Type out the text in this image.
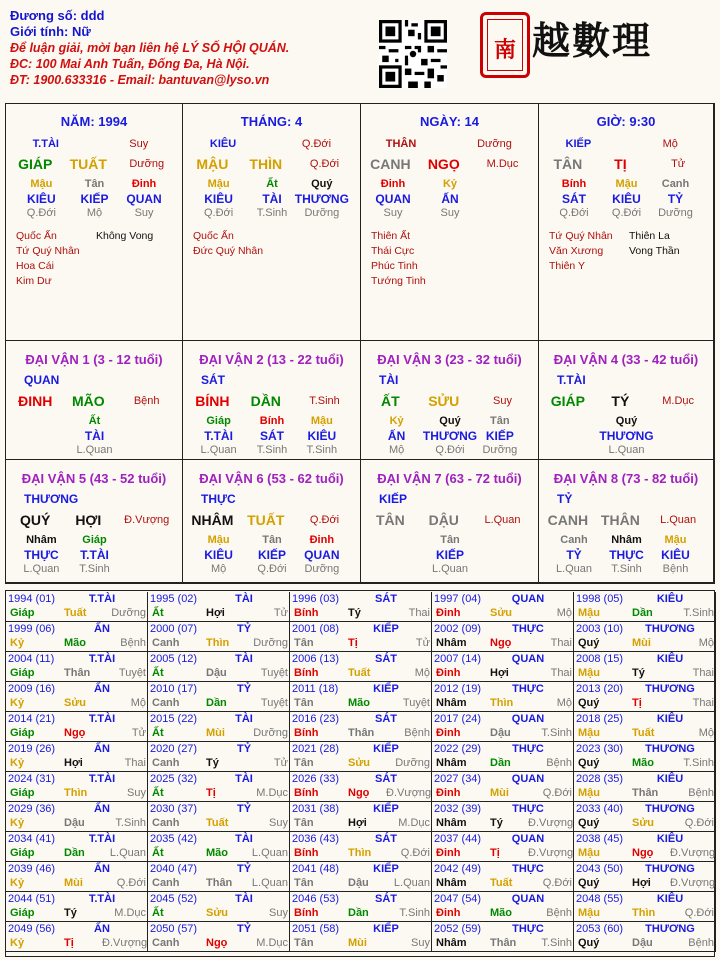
Đương số: ddd
Giới tính: Nữ
Để luận giải, mời bạn liên hệ LÝ SỐ HỘI QUÁN.
ĐC: 100 Mai Anh Tuấn, Đống Đa, Hà Nội.
ĐT: 1900.633316 - Email: bantuvan@lyso.vn
南 越數理
NĂM: 1994
T.TÀI	Suy
GIÁP	TUẤT	Dưỡng
Mậu
KIÊU
Q.Đới
Tân
KIẾP
Mộ
Đinh
QUAN
Suy
Quốc Ấn
Tứ Quý Nhân
Hoa Cái
Kim Dư
Không Vong
THÁNG: 4
KIÊU	Q.Đới
MẬU	THÌN	Q.Đới
Mậu
KIÊU
Q.Đới
Ất
TÀI
T.Sinh
Quý
THƯƠNG
Dưỡng
Quốc Ấn
Đức Quý Nhân
NGÀY: 14
THÂN	Dưỡng
CANH	NGỌ	M.Dục
Đinh
QUAN
Suy
Kỷ
ẤN
Suy
Thiên Ất
Thái Cực
Phúc Tinh
Tướng Tinh
GIỜ: 9:30
KIẾP	Mộ
TÂN	TỊ	Tử
Bính
SÁT
Q.Đới
Mậu
KIÊU
Q.Đới
Canh
TỶ
Dưỡng
Tứ Quý Nhân
Văn Xương
Thiên Y
Thiên La
Vong Thần
ĐẠI VẬN 1 (3 - 12 tuổi)
QUAN
ĐINH	MÃO	Bệnh
Ất
TÀI
L.Quan
ĐẠI VẬN 2 (13 - 22 tuổi)
SÁT
BÍNH	DẦN	T.Sinh
Giáp
T.TÀI
L.Quan
Bính
SÁT
T.Sinh
Mậu
KIÊU
T.Sinh
ĐẠI VẬN 3 (23 - 32 tuổi)
TÀI
ẤT	SỬU	Suy
Kỷ
ẤN
Mộ
Quý
THƯƠNG
Q.Đới
Tân
KIẾP
Dưỡng
ĐẠI VẬN 4 (33 - 42 tuổi)
T.TÀI
GIÁP	TÝ	M.Dục
Quý
THƯƠNG
L.Quan
ĐẠI VẬN 5 (43 - 52 tuổi)
THƯƠNG
QUÝ	HỢI	Đ.Vượng
Nhâm
THỰC
L.Quan
Giáp
T.TÀI
T.Sinh
ĐẠI VẬN 6 (53 - 62 tuổi)
THỰC
NHÂM TUẤT	Q.Đới
Mậu
KIÊU
Mộ
Tân
KIẾP
Q.Đới
Đinh
QUAN
Dưỡng
ĐẠI VẬN 7 (63 - 72 tuổi)
KIẾP
TÂN	DẬU	L.Quan
Tân
KIẾP
L.Quan
ĐẠI VẬN 8 (73 - 82 tuổi)
TỶ
CANH THÂN	L.Quan
Canh
TỶ
L.Quan
Nhâm
THỰC
T.Sinh
Mậu
KIÊU
Bệnh
1994 (01)	T.TÀI
Giáp	Tuất	Dưỡng
1995 (02)	TÀI
Ất	Hợi	Tử
1996 (03)	SÁT
Bính	Tý	Thai
1997 (04)	QUAN
Đinh	Sửu	Mộ
1998 (05)	KIÊU
Mậu	Dần	T.Sinh
1999 (06)	ẤN
Kỷ	Mão	Bệnh
2000 (07)	TỶ
Canh Thìn	Dưỡng
2001 (08)	KIẾP
Tân	Tị	Tử
2002 (09)	THỰC
Nhâm Ngọ	Thai
2003 (10) THƯƠNG
Quý	Mùi	Mộ
2004 (11)	T.TÀI
Giáp	Thân	Tuyệt
2005 (12)	TÀI
Ất	Dậu	Tuyệt
2006 (13)	SÁT
Bính	Tuất	Mộ
2007 (14)	QUAN
Đinh	Hợi	Thai
2008 (15)	KIÊU
Mậu	Tý	Thai
2009 (16)	ẤN
Kỷ	Sửu	Mộ
2010 (17)	TỶ
Canh Dần	Tuyệt
2011 (18)	KIẾP
Tân	Mão	Tuyệt
2012 (19)	THỰC
Nhâm Thìn	Mộ
2013 (20) THƯƠNG
Quý	Tị	Thai
2014 (21)	T.TÀI
Giáp	Ngọ	Tử
2015 (22)	TÀI
Ất	Mùi	Dưỡng
2016 (23)	SÁT
Bính	Thân	Bệnh
2017 (24)	QUAN
Đinh	Dậu	T.Sinh
2018 (25)	KIÊU
Mậu	Tuất	Mộ
2019 (26)	ẤN
Kỷ	Hợi	Thai
2020 (27)	TỶ
Canh Tý	Tử
2021 (28)	KIẾP
Tân	Sửu	Dưỡng
2022 (29)	THỰC
Nhâm Dần	Bệnh
2023 (30) THƯƠNG
Quý	Mão	T.Sinh
2024 (31)	T.TÀI
Giáp	Thìn	Suy
2025 (32)	TÀI
Ất	Tị	M.Dục
2026 (33)	SÁT
Bính	Ngọ Đ.Vượng
2027 (34)	QUAN
Đinh	Mùi	Q.Đới
2028 (35)	KIÊU
Mậu	Thân	Bệnh
2029 (36)	ẤN
Kỷ	Dậu	T.Sinh
2030 (37)	TỶ
Canh Tuất	Suy
2031 (38)	KIẾP
Tân	Hợi	M.Dục
2032 (39)	THỰC
Nhâm Tý Đ.Vượng
2033 (40) THƯƠNG
Quý	Sửu	Q.Đới
2034 (41)	T.TÀI
Giáp	Dần	L.Quan
2035 (42)	TÀI
Ất	Mão	L.Quan
2036 (43)	SÁT
Bính	Thìn	Q.Đới
2037 (44)	QUAN
Đinh	Tị	Đ.Vượng
2038 (45)	KIÊU
Mậu	Ngọ Đ.Vượng
2039 (46)	ẤN
Kỷ	Mùi	Q.Đới
2040 (47)	TỶ
Canh Thân	L.Quan
2041 (48)	KIẾP
Tân	Dậu	L.Quan
2042 (49)	THỰC
Nhâm Tuất	Q.Đới
2043 (50) THƯƠNG
Quý	Hợi Đ.Vượng
2044 (51)	T.TÀI
Giáp	Tý	M.Dục
2045 (52)	TÀI
Ất	Sửu	Suy
2046 (53)	SÁT
Bính	Dần	T.Sinh
2047 (54)	QUAN
Đinh	Mão	Bệnh
2048 (55)	KIÊU
Mậu	Thìn	Q.Đới
2049 (56)	ẤN
Kỷ	Tị	Đ.Vượng
2050 (57)	TỶ
Canh Ngọ	M.Dục
2051 (58)	KIẾP
Tân	Mùi	Suy
2052 (59)	THỰC
Nhâm Thân	T.Sinh
2053 (60) THƯƠNG
Quý	Dậu	Bệnh
